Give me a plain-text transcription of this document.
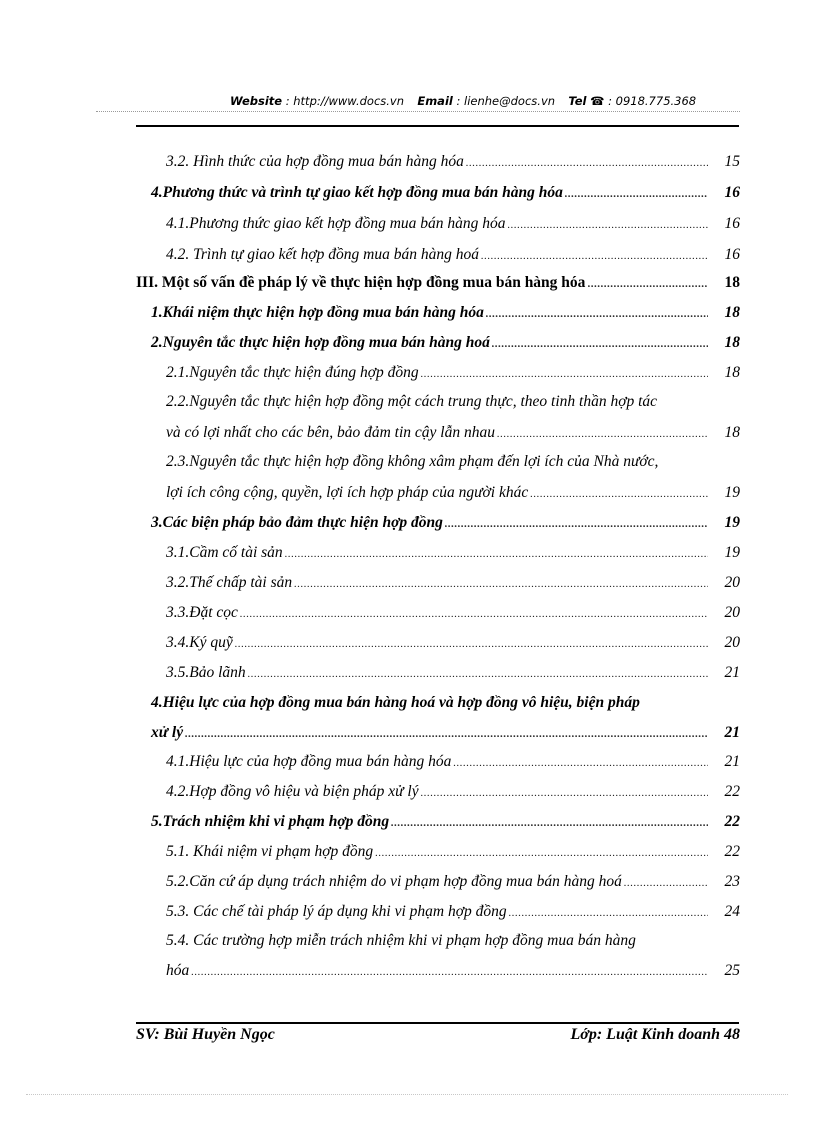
Website : http://www.docs.vn Email : lienhe@docs.vn Tel ☎ : 0918.775.368
3.2. Hình thức của hợp đồng mua bán hàng hóa .....	15
4.Phương thức và trình tự giao kết hợp đồng mua bán hàng hóa .....	16
4.1.Phương thức giao kết hợp đồng mua bán hàng hóa .....	16
4.2. Trình tự giao kết hợp đồng mua bán hàng hoá .....	16
III. Một số vấn đề pháp lý về thực hiện hợp đồng mua bán hàng hóa .....	18
1.Khái niệm thực hiện hợp đồng mua bán hàng hóa .....	18
2.Nguyên tắc thực hiện hợp đồng mua bán hàng hoá .....	18
2.1.Nguyên tắc thực hiện đúng hợp đồng .....	18
2.2.Nguyên tắc thực hiện hợp đồng một cách trung thực, theo tinh thần hợp tác
và có lợi nhất cho các bên, bảo đảm tin cậy lẫn nhau .....	18
2.3.Nguyên tắc thực hiện hợp đồng không xâm phạm đến lợi ích của Nhà nước,
lợi ích công cộng, quyền, lợi ích hợp pháp của người khác .....	19
3.Các biện pháp bảo đảm thực hiện hợp đồng .....	19
3.1.Cầm cố tài sản .....	19
3.2.Thế chấp tài sản .....	20
3.3.Đặt cọc .....	20
3.4.Ký quỹ .....	20
3.5.Bảo lãnh .....	21
4.Hiệu lực của hợp đồng mua bán hàng hoá và hợp đồng vô hiệu, biện pháp
xử lý .....	21
4.1.Hiệu lực của hợp đồng mua bán hàng hóa .....	21
4.2.Hợp đồng vô hiệu và biện pháp xử lý .....	22
5.Trách nhiệm khi vi phạm hợp đồng .....	22
5.1. Khái niệm vi phạm hợp đồng .....	22
5.2.Căn cứ áp dụng trách nhiệm do vi phạm hợp đồng mua bán hàng hoá .....	23
5.3. Các chế tài pháp lý áp dụng khi vi phạm hợp đồng .....	24
5.4. Các trường hợp miễn trách nhiệm khi vi phạm hợp đồng mua bán hàng
hóa .....	25
SV: Bùi Huyền Ngọc	Lớp: Luật Kinh doanh 48
